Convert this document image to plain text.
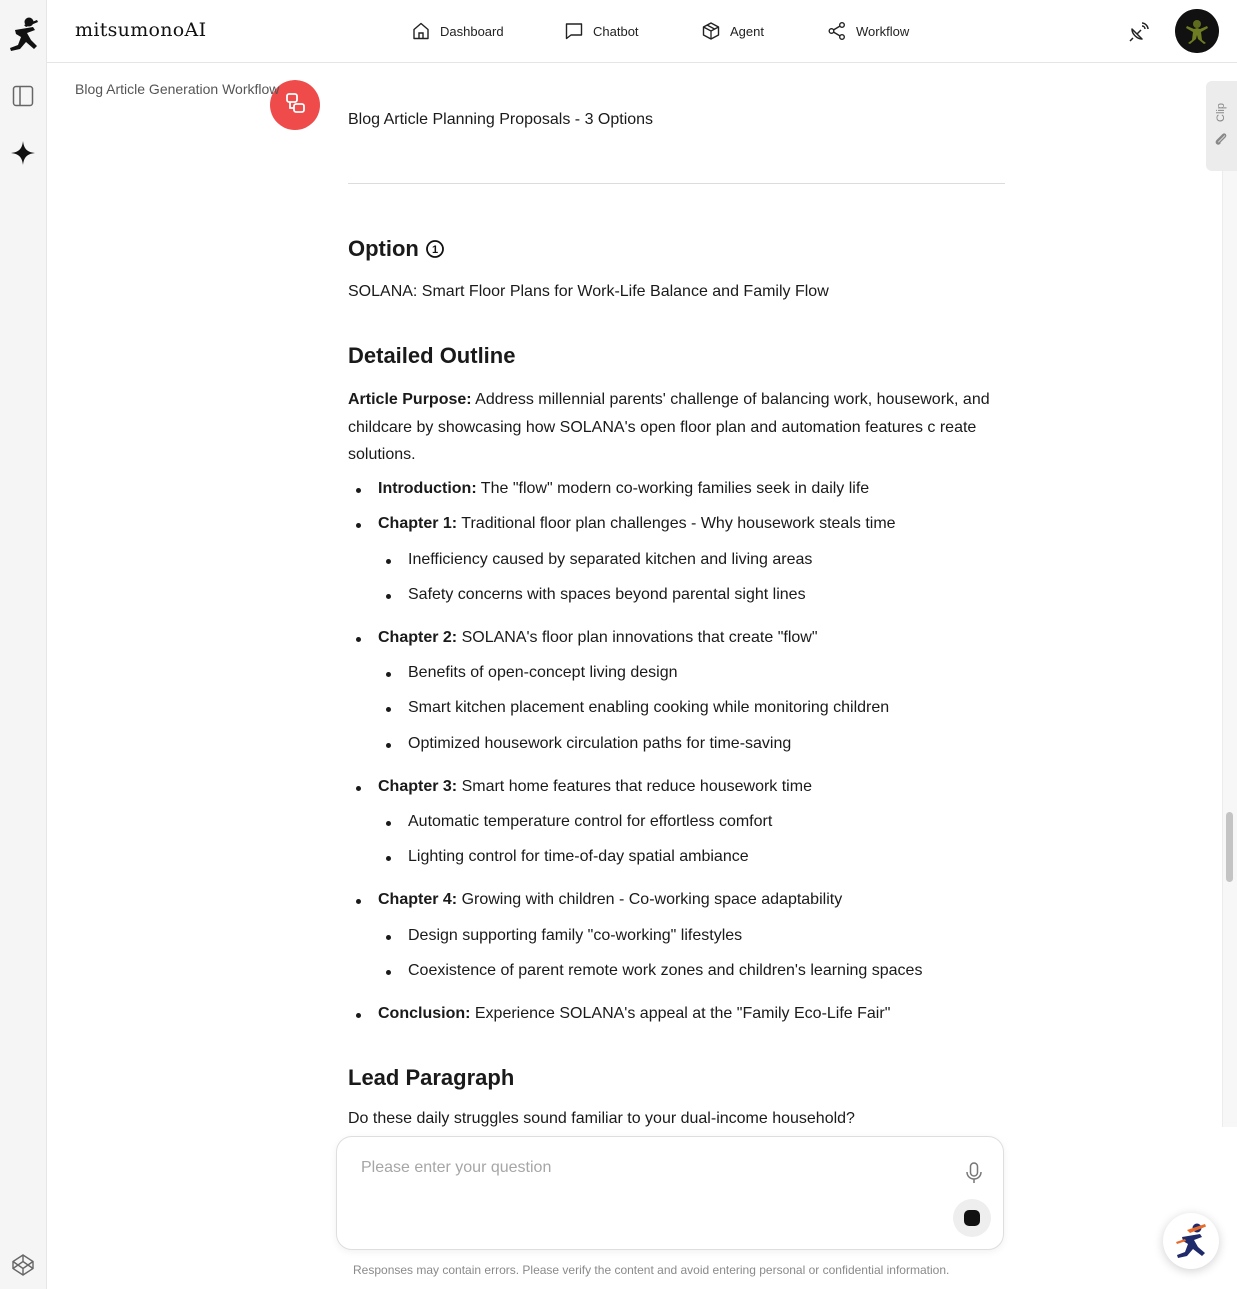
mitsumonoAI	Dashboard	Chatbot	Agent	Workflow
Blog Article Generation Workflow
Clip
Blog Article Planning Proposals - 3 Options
Option 1
SOLANA: Smart Floor Plans for Work-Life Balance and Family Flow
Detailed Outline
Article Purpose: Address millennial parents' challenge of balancing work, housework, and childcare by showcasing how SOLANA's open floor plan and automation features c reate solutions.
Introduction: The "flow" modern co-working families seek in daily life
Chapter 1: Traditional floor plan challenges - Why housework steals time
Inefficiency caused by separated kitchen and living areas
Safety concerns with spaces beyond parental sight lines
Chapter 2: SOLANA's floor plan innovations that create "flow"
Benefits of open-concept living design
Smart kitchen placement enabling cooking while monitoring children
Optimized housework circulation paths for time-saving
Chapter 3: Smart home features that reduce housework time
Automatic temperature control for effortless comfort
Lighting control for time-of-day spatial ambiance
Chapter 4: Growing with children - Co-working space adaptability
Design supporting family "co-working" lifestyles
Coexistence of parent remote work zones and children's learning spaces
Conclusion: Experience SOLANA's appeal at the "Family Eco-Life Fair"
Lead Paragraph
Do these daily struggles sound familiar to your dual-income household?
Please enter your question
Responses may contain errors. Please verify the content and avoid entering personal or confidential information.
